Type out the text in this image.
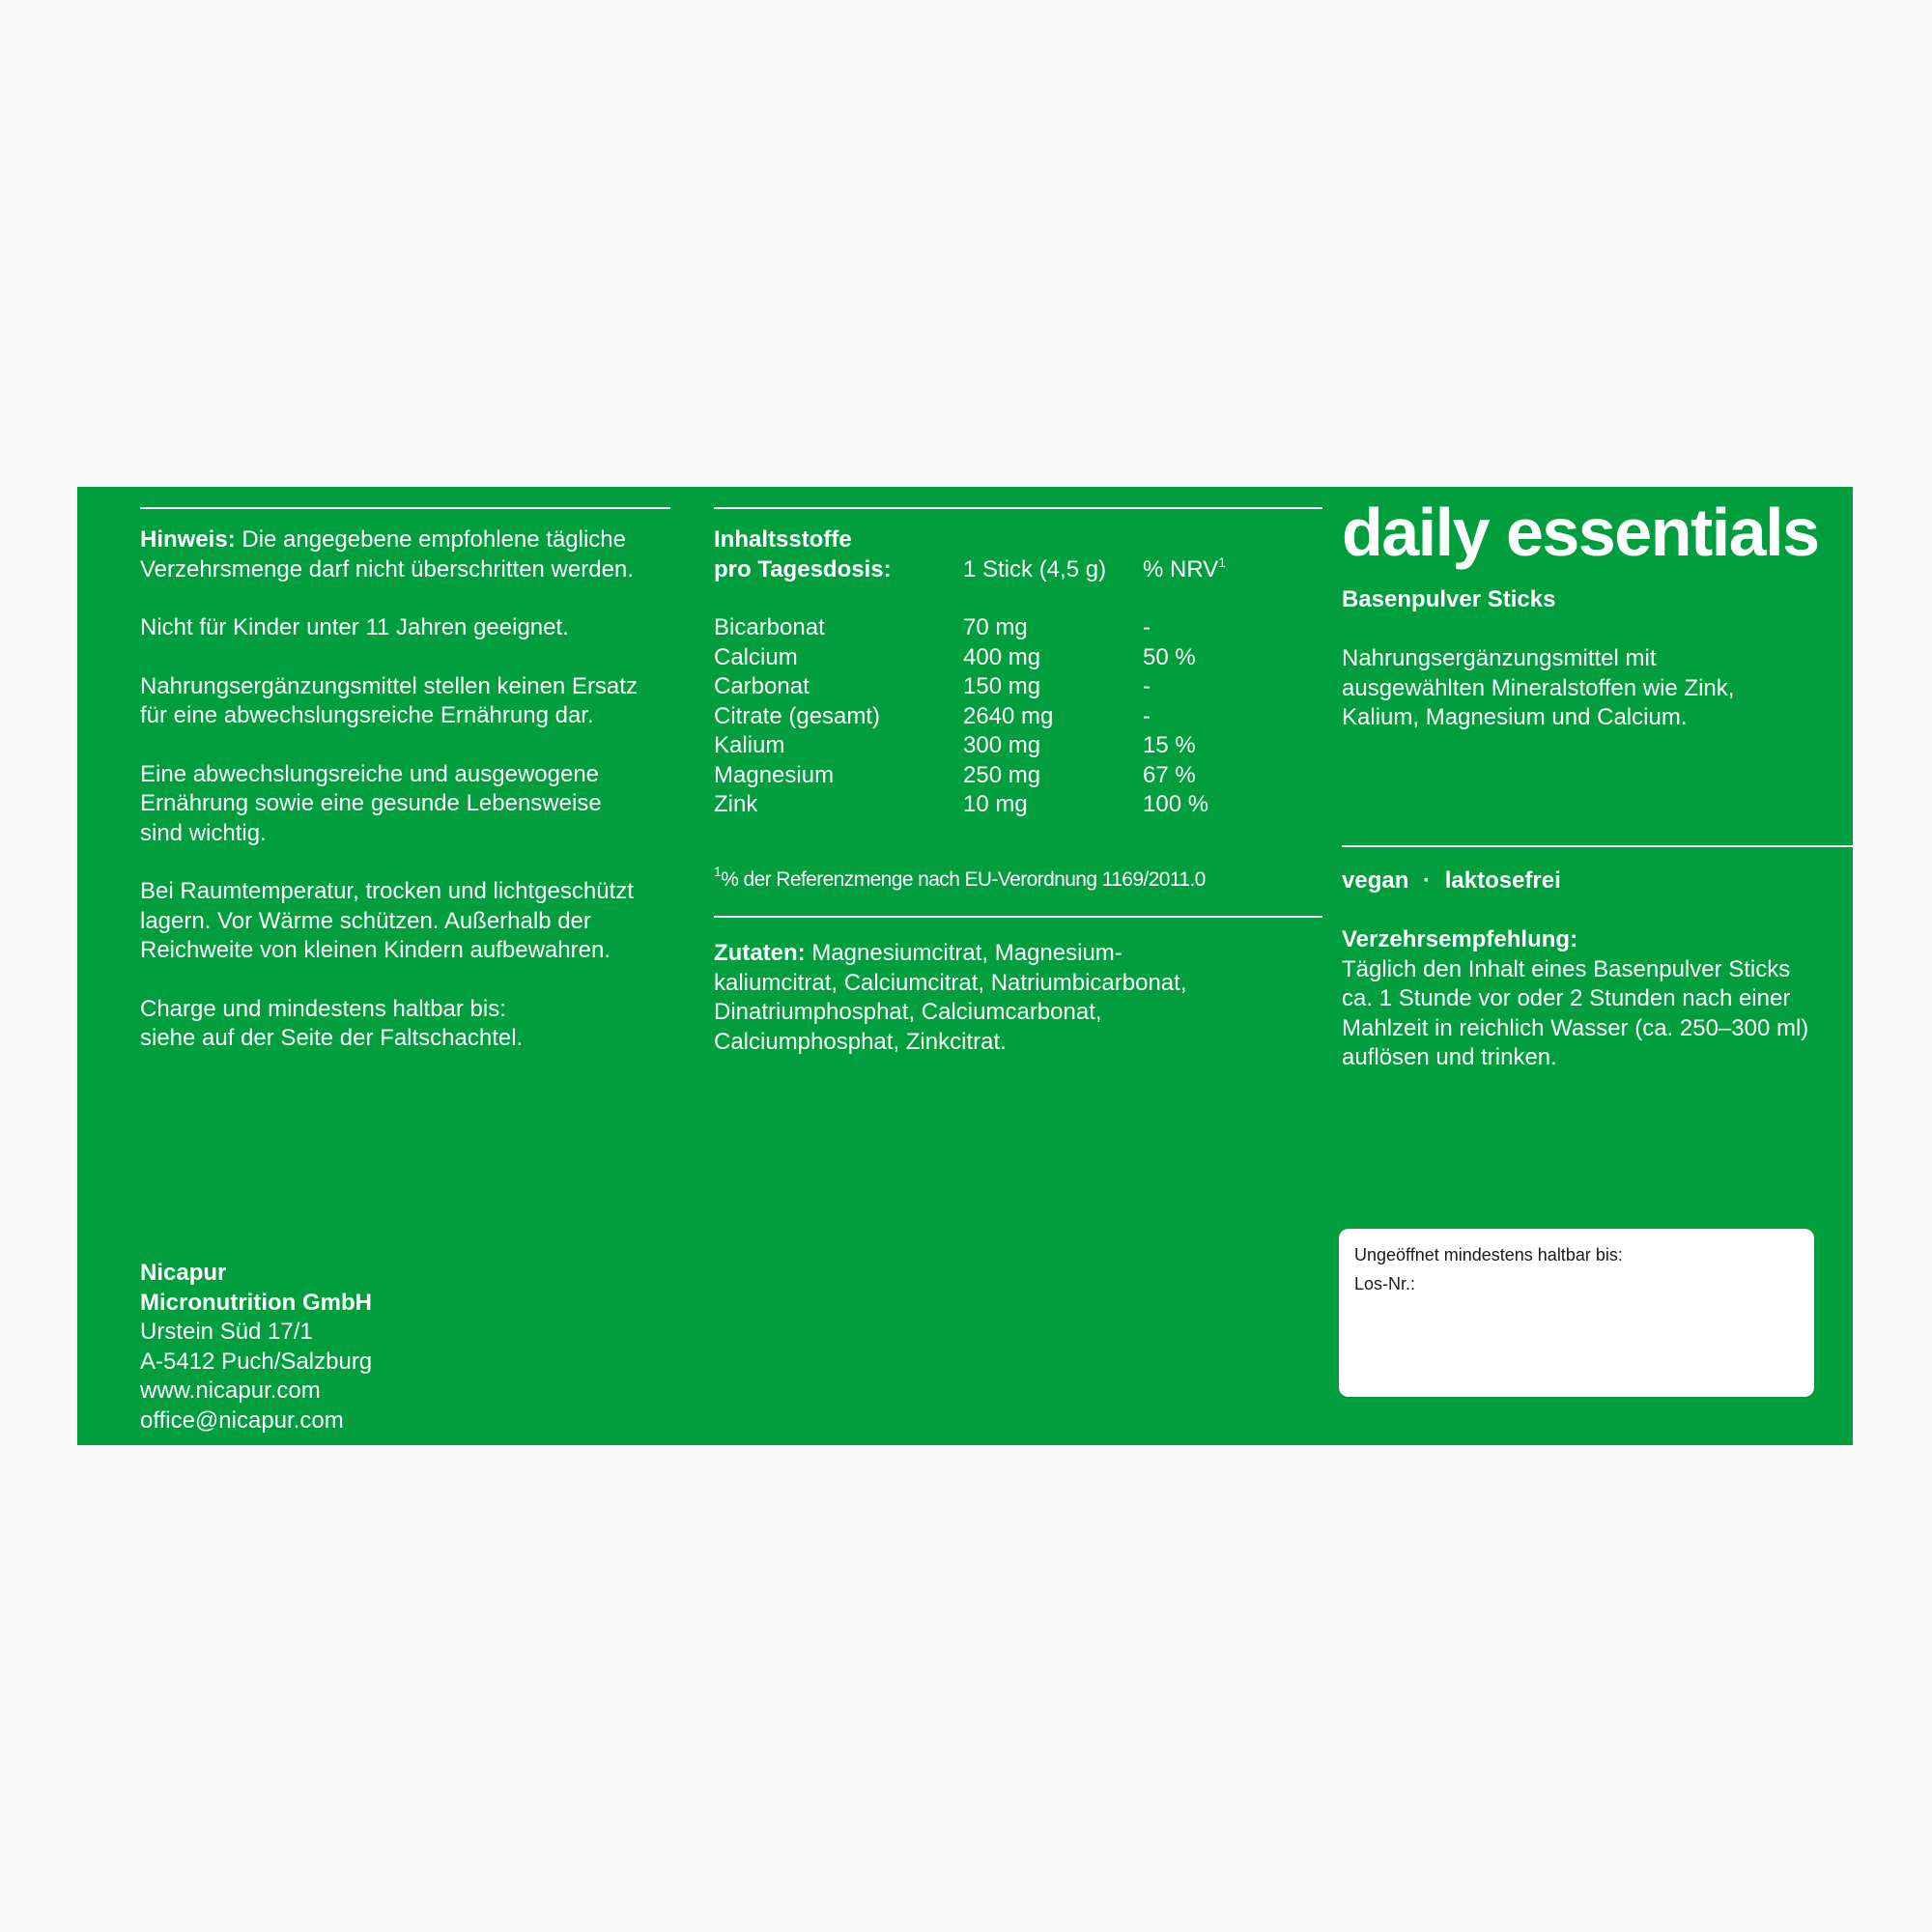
Hinweis: Die angegebene empfohlene tägliche
Verzehrsmenge darf nicht überschritten werden.
Nicht für Kinder unter 11 Jahren geeignet.
Nahrungsergänzungsmittel stellen keinen Ersatz
für eine abwechslungsreiche Ernährung dar.
Eine abwechslungsreiche und ausgewogene
Ernährung sowie eine gesunde Lebensweise
sind wichtig.
Bei Raumtemperatur, trocken und lichtgeschützt
lagern. Vor Wärme schützen. Außerhalb der
Reichweite von kleinen Kindern aufbewahren.
Charge und mindestens haltbar bis:
siehe auf der Seite der Faltschachtel.
Nicapur
Micronutrition GmbH
Urstein Süd 17/1
A-5412 Puch/Salzburg
www.nicapur.com
office@nicapur.com
Inhaltsstoffe		
pro Tagesdosis:	1 Stick (4,5 g)	% NRV$^1$

Bicarbonat	70 mg	-
Calcium	400 mg	50 %
Carbonat	150 mg	-
Citrate (gesamt)	2640 mg	-
Kalium	300 mg	15 %
Magnesium	250 mg	67 %
Zink	10 mg	100 %
$^1$% der Referenzmenge nach EU-Verordnung 1169/2011.0
Zutaten: Magnesiumcitrat, Magnesium-
kaliumcitrat, Calciumcitrat, Natriumbicarbonat,
Dinatriumphosphat, Calciumcarbonat,
Calciumphosphat, Zinkcitrat.
daily essentials
Basenpulver Sticks
Nahrungsergänzungsmittel mit
ausgewählten Mineralstoffen wie Zink,
Kalium, Magnesium und Calcium.
vegan · laktosefrei
Verzehrsempfehlung:
Täglich den Inhalt eines Basenpulver Sticks
ca. 1 Stunde vor oder 2 Stunden nach einer
Mahlzeit in reichlich Wasser (ca. 250–300 ml)
auflösen und trinken.
Ungeöffnet mindestens haltbar bis:
Los-Nr.:
